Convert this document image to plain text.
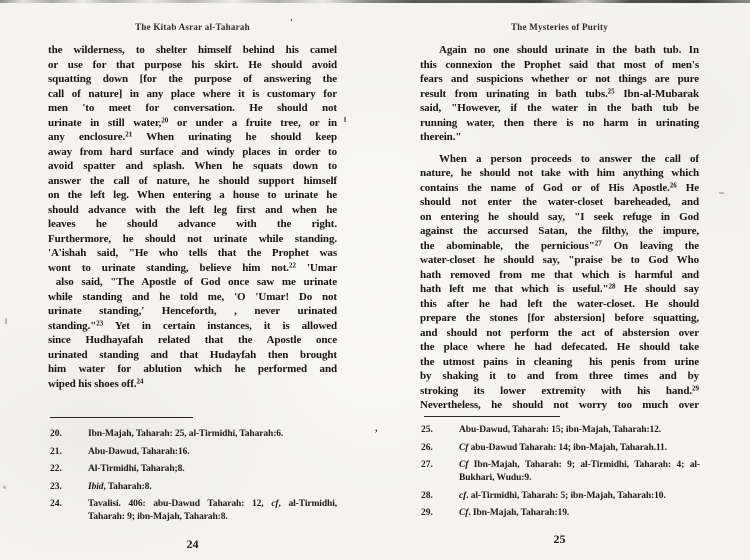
The Kitab Asrar al-Taharah
the wilderness, to shelter himself behind his camel
or use for that purpose his skirt. He should avoid
squatting down [for the purpose of answering the
call of nature] in any place where it is customary for
men 'to meet for conversation. He should not
urinate in still water,$^{20}$ or under a fruite tree, or in
any enclosure.$^{21}$ When urinating he should keep
away from hard surface and windy places in order to
avoid spatter and splash. When he squats down to
answer the call of nature, he should support himself
on the left leg. When entering a house to urinate he
should advance with the left leg first and when he
leaves he should advance with the right.
Furthermore, he should not urinate while standing.
'A'ishah said, "He who tells that the Prophet was
wont to urinate standing, believe him not.$^{22}$ 'Umar
also said, "The Apostle of God once saw me urinate
while standing and he told me, 'O 'Umar! Do not
urinate standing,' Henceforth, , never urinated
standing."$^{23}$ Yet in certain instances, it is allowed
since Hudhayafah related that the Apostle once
urinated standing and that Hudayfah then brought
him water for ablution which he performed and
wiped his shoes off.$^{24}$
20.	Ibn-Majah, Taharah: 25, al-Tirmidhi, Taharah:6.
21.	Abu-Dawud, Taharah:16.
22.	Al-Tirmidhi, Taharah;8.
23.	Ibid, Taharah:8.
24.	Tavalisi. 406: abu-Dawud Taharah: 12, cf, al-Tirmidhi, Taharah: 9; ibn-Majah, Taharah:8.
24
The Mysteries of Purity
Again no one should urinate in the bath tub. In
this connexion the Prophet said that most of men's
fears and suspicions whether or not things are pure
result from urinating in bath tubs.$^{25}$ Ibn-al-Mubarak
said, "However, if the water in the bath tub be
running water, then there is no harm in urinating
therein."
When a person proceeds to answer the call of
nature, he should not take with him anything which
contains the name of God or of His Apostle.$^{26}$ He
should not enter the water-closet bareheaded, and
on entering he should say, "I seek refuge in God
against the accursed Satan, the filthy, the impure,
the abominable, the pernicious"$^{27}$ On leaving the
water-closet he should say, "praise be to God Who
hath removed from me that which is harmful and
hath left me that which is useful."$^{28}$ He should say
this after he had left the water-closet. He should
prepare the stones [for abstersion] before squatting,
and should not perform the act of abstersion over
the place where he had defecated. He should take
the utmost pains in cleaning  his penis from urine
by shaking it to and from three times and by
stroking its lower extremity with his hand.$^{29}$
Nevertheless, he should not worry too much over
25.	Abu-Dawud, Taharah: 15; ibn-Majah, Taharah:12.
26.	Cf abu-Dawud Taharah: 14; ibn-Majah, Taharah.11.
27.	Cf Ibn-Majah, Taharah: 9; al-Tirmidhi, Taharah: 4; al-Bukhari, Wudu:9.
28.	cf. al-Tirmidhi, Taharah: 5; ibn-Majah, Taharah:10.
29.	Cf. Ibn-Majah, Taharah:19.
25
'
,
